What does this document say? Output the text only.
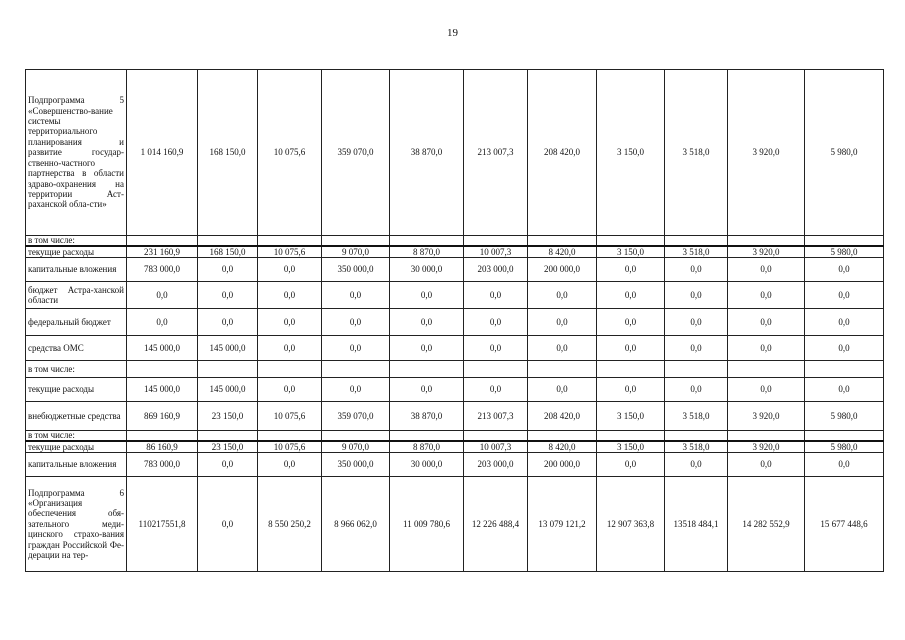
19
Подпрограмма 5 «Совершенство-вание системы территориального планирования и развитие государ-ственно-частного партнерства в области здраво-охранения на территории Аст-раханской обла-сти»	1 014 160,9	168 150,0	10 075,6	359 070,0	38 870,0	213 007,3	208 420,0	3 150,0	3 518,0	3 920,0	5 980,0
в том числе:											
текущие расходы	231 160,9	168 150,0	10 075,6	9 070,0	8 870,0	10 007,3	8 420,0	3 150,0	3 518,0	3 920,0	5 980,0
капитальные вложения	783 000,0	0,0	0,0	350 000,0	30 000,0	203 000,0	200 000,0	0,0	0,0	0,0	0,0
бюджет Астра-ханской области	0,0	0,0	0,0	0,0	0,0	0,0	0,0	0,0	0,0	0,0	0,0
федеральный бюджет	0,0	0,0	0,0	0,0	0,0	0,0	0,0	0,0	0,0	0,0	0,0
средства ОМС	145 000,0	145 000,0	0,0	0,0	0,0	0,0	0,0	0,0	0,0	0,0	0,0
в том числе:											
текущие расходы	145 000,0	145 000,0	0,0	0,0	0,0	0,0	0,0	0,0	0,0	0,0	0,0
внебюджетные средства	869 160,9	23 150,0	10 075,6	359 070,0	38 870,0	213 007,3	208 420,0	3 150,0	3 518,0	3 920,0	5 980,0
в том числе:											
текущие расходы	86 160,9	23 150,0	10 075,6	9 070,0	8 870,0	10 007,3	8 420,0	3 150,0	3 518,0	3 920,0	5 980,0
капитальные вложения	783 000,0	0,0	0,0	350 000,0	30 000,0	203 000,0	200 000,0	0,0	0,0	0,0	0,0
Подпрограмма 6 «Организация обеспечения обя-зательного меди-цинского страхо-вания граждан Российской Фе-дерации на тер-	110217551,8	0,0	8 550 250,2	8 966 062,0	11 009 780,6	12 226 488,4	13 079 121,2	12 907 363,8	13518 484,1	14 282 552,9	15 677 448,6
